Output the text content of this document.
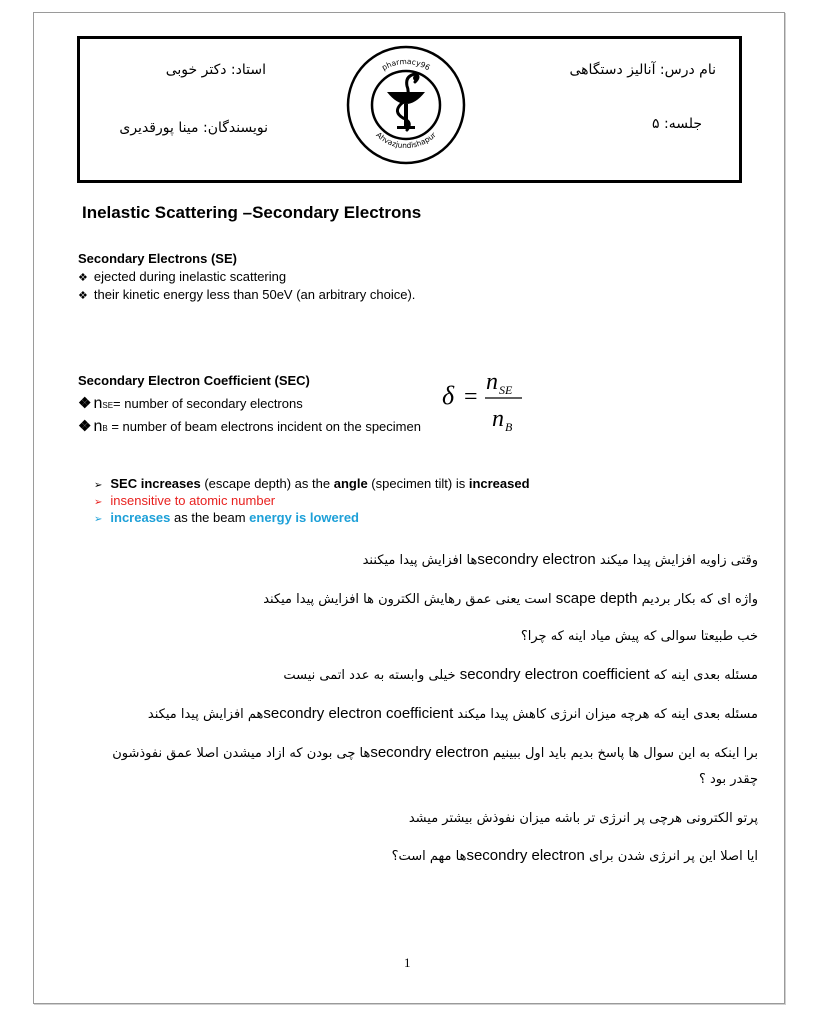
نام درس: آنالیز دستگاهی
استاد: دکتر خوبی
جلسه: ۵
نویسندگان: مینا پورقدیری
pharmacy96
Ahvazjundishapur
Inelastic Scattering –Secondary Electrons
Secondary Electrons (SE)
❖ ejected during inelastic scattering
❖ their kinetic energy less than 50eV (an arbitrary choice).
Secondary Electron Coefficient (SEC)
❖ nSE= number of secondary electrons
❖ nB = number of beam electrons incident on the specimen
δ =
n SE
n B
➢ SEC increases (escape depth) as the angle (specimen tilt) is increased
➢ insensitive to atomic number
➢ increases as the beam energy is lowered
وقتی زاویه افزایش پیدا میکند secondry electronها افزایش پیدا میکنند
واژه ای که بکار بردیم scape depth است یعنی عمق رهایش الکترون ها افزایش پیدا میکند
خب طبیعتا سوالی که پیش میاد اینه که چرا؟
مسئله بعدی اینه که secondry electron coefficient خیلی وابسته به عدد اتمی نیست
مسئله بعدی اینه که هرچه میزان انرژی کاهش پیدا میکند secondry electron coefficientهم افزایش پیدا میکند
برا اینکه به این سوال ها پاسخ بدیم باید اول ببینیم secondry electronها چی بودن که ازاد میشدن اصلا عمق نفوذشون چقدر بود ؟
پرتو الکترونی هرچی پر انرژی تر باشه میزان نفوذش بیشتر میشد
ایا اصلا این پر انرژی شدن برای secondry electronها مهم است؟
1
